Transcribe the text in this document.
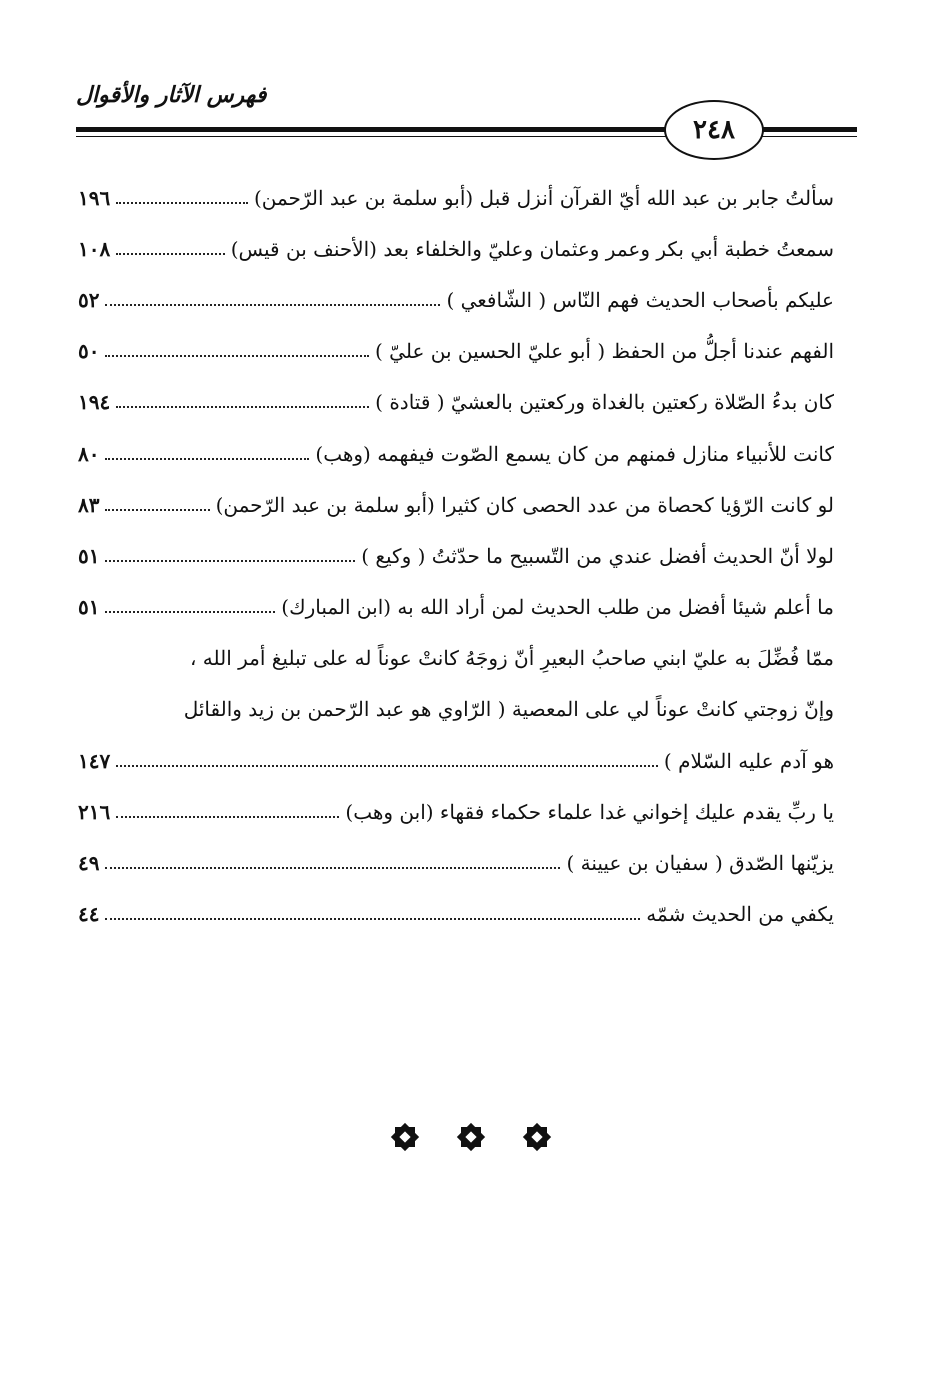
فهرس الآثار والأقوال
٢٤٨
سألتُ جابر بن عبد الله أيّ القرآن أنزل قبل (أبو سلمة بن عبد الرّحمن)
١٩٦
سمعتُ خطبة أبي بكر وعمر وعثمان وعليّ والخلفاء بعد (الأحنف بن قيس)
١٠٨
عليكم بأصحاب الحديث فهم النّاس ( الشّافعي )
٥٢
الفهم عندنا أجلُّ من الحفظ ( أبو عليّ الحسين بن عليّ )
٥٠
كان بدءُ الصّلاة ركعتين بالغداة وركعتين بالعشيّ ( قتادة )
١٩٤
كانت للأنبياء منازل فمنهم من كان يسمع الصّوت فيفهمه (وهب)
٨٠
لو كانت الرّؤيا كحصاة من عدد الحصى كان كثيرا (أبو سلمة بن عبد الرّحمن)
٨٣
لولا أنّ الحديث أفضل عندي من التّسبيح ما حدّثتُ ( وكيع )
٥١
ما أعلم شيئا أفضل من طلب الحديث لمن أراد الله به (ابن المبارك)
٥١
ممّا فُضِّلَ به عليّ ابني صاحبُ البعيرِ أنّ زوجَهُ كانتْ عوناً له على تبليغ أمر الله ،
وإنّ زوجتي كانتْ عوناً لي على المعصية ( الرّاوي هو عبد الرّحمن بن زيد والقائل
هو آدم عليه السّلام )
١٤٧
يا ربِّ يقدم عليك إخواني غدا علماء حكماء فقهاء (ابن وهب)
٢١٦
يزيّنها الصّدق ( سفيان بن عيينة )
٤٩
يكفي من الحديث شمّه
٤٤
